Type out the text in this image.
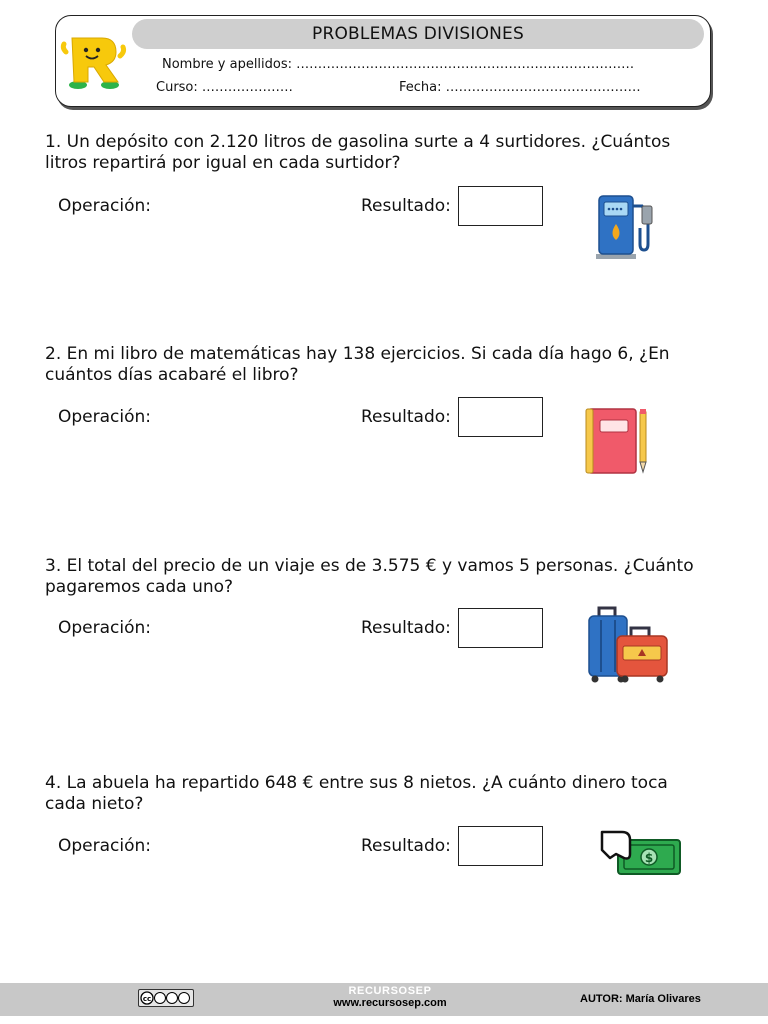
PROBLEMAS DIVISIONES
Nombre y apellidos: ……………………………………………………………………
Curso: …………………	Fecha: ………………………………………
1. Un depósito con 2.120 litros de gasolina surte a 4 surtidores. ¿Cuántos
litros repartirá por igual en cada surtidor?
Operación:	Resultado:
2. En mi libro de matemáticas hay 138 ejercicios. Si cada día hago 6, ¿En
cuántos días acabaré el libro?
Operación:	Resultado:
3. El total del precio de un viaje es de 3.575 € y vamos 5 personas. ¿Cuánto
pagaremos cada uno?
Operación:	Resultado:
4. La abuela ha repartido 648 € entre sus 8 nietos. ¿A cuánto dinero toca
cada nieto?
Operación:	Resultado:
$
cc
RECURSOSEP
www.recursosep.com	AUTOR: María Olivares
